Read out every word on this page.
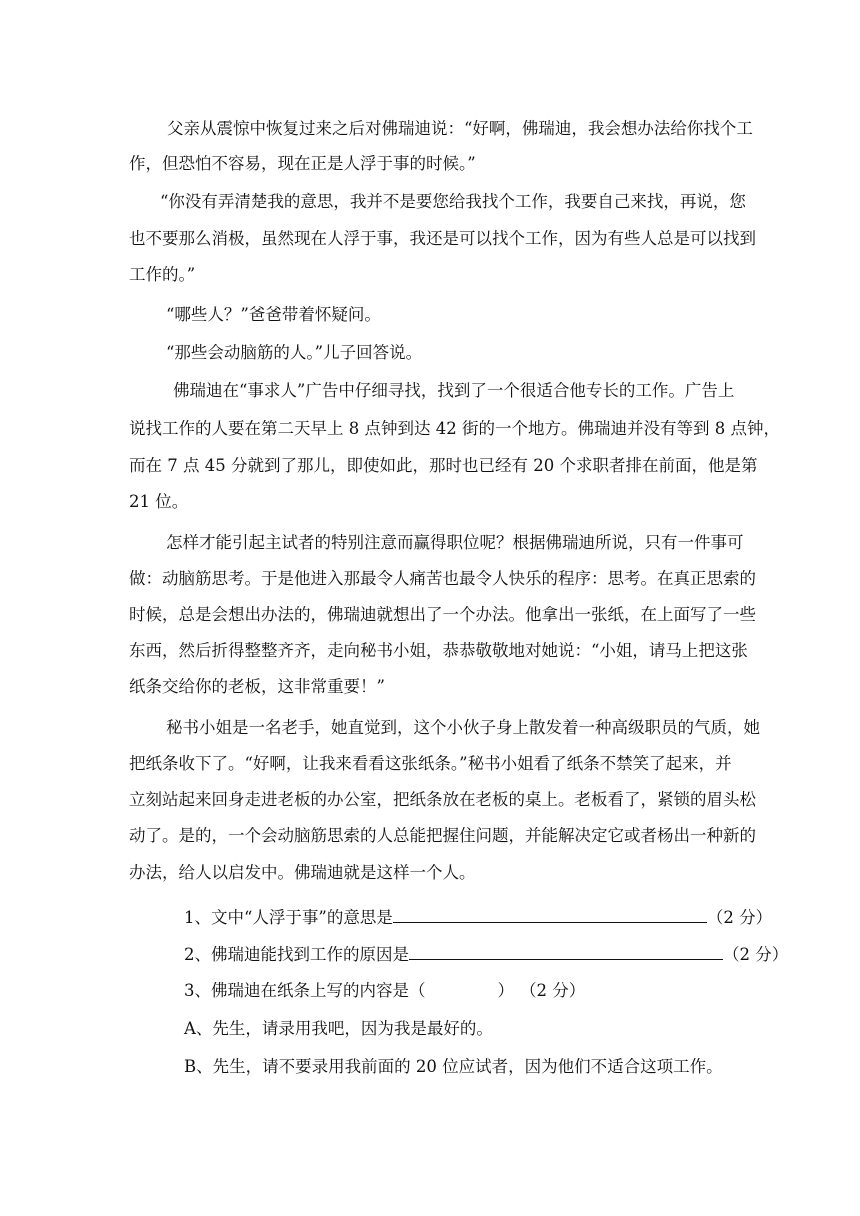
父亲从震惊中恢复过来之后对佛瑞迪说：“好啊，佛瑞迪，我会想办法给你找个工
作，但恐怕不容易，现在正是人浮于事的时候。”
“你没有弄清楚我的意思，我并不是要您给我找个工作，我要自己来找，再说，您
也不要那么消极，虽然现在人浮于事，我还是可以找个工作，因为有些人总是可以找到
工作的。”
“哪些人？”爸爸带着怀疑问。
“那些会动脑筋的人。”儿子回答说。
佛瑞迪在“事求人”广告中仔细寻找，找到了一个很适合他专长的工作。广告上
说找工作的人要在第二天早上 8 点钟到达 42 街的一个地方。佛瑞迪并没有等到 8 点钟，
而在 7 点 45 分就到了那儿，即使如此，那时也已经有 20 个求职者排在前面，他是第
21 位。
怎样才能引起主试者的特别注意而赢得职位呢？根据佛瑞迪所说，只有一件事可
做：动脑筋思考。于是他进入那最令人痛苦也最令人快乐的程序：思考。在真正思索的
时候，总是会想出办法的，佛瑞迪就想出了一个办法。他拿出一张纸，在上面写了一些
东西，然后折得整整齐齐，走向秘书小姐，恭恭敬敬地对她说：“小姐，请马上把这张
纸条交给你的老板，这非常重要！”
秘书小姐是一名老手，她直觉到，这个小伙子身上散发着一种高级职员的气质，她
把纸条收下了。“好啊，让我来看看这张纸条。”秘书小姐看了纸条不禁笑了起来，并
立刻站起来回身走进老板的办公室，把纸条放在老板的桌上。老板看了，紧锁的眉头松
动了。是的，一个会动脑筋思索的人总能把握住问题，并能解决定它或者杨出一种新的
办法，给人以启发中。佛瑞迪就是这样一个人。
1、文中“人浮于事”的意思是	（2 分）
2、佛瑞迪能找到工作的原因是	（2 分）
3、佛瑞迪在纸条上写的内容是（	） （2 分）
A、先生，请录用我吧，因为我是最好的。
B、先生，请不要录用我前面的 20 位应试者，因为他们不适合这项工作。
